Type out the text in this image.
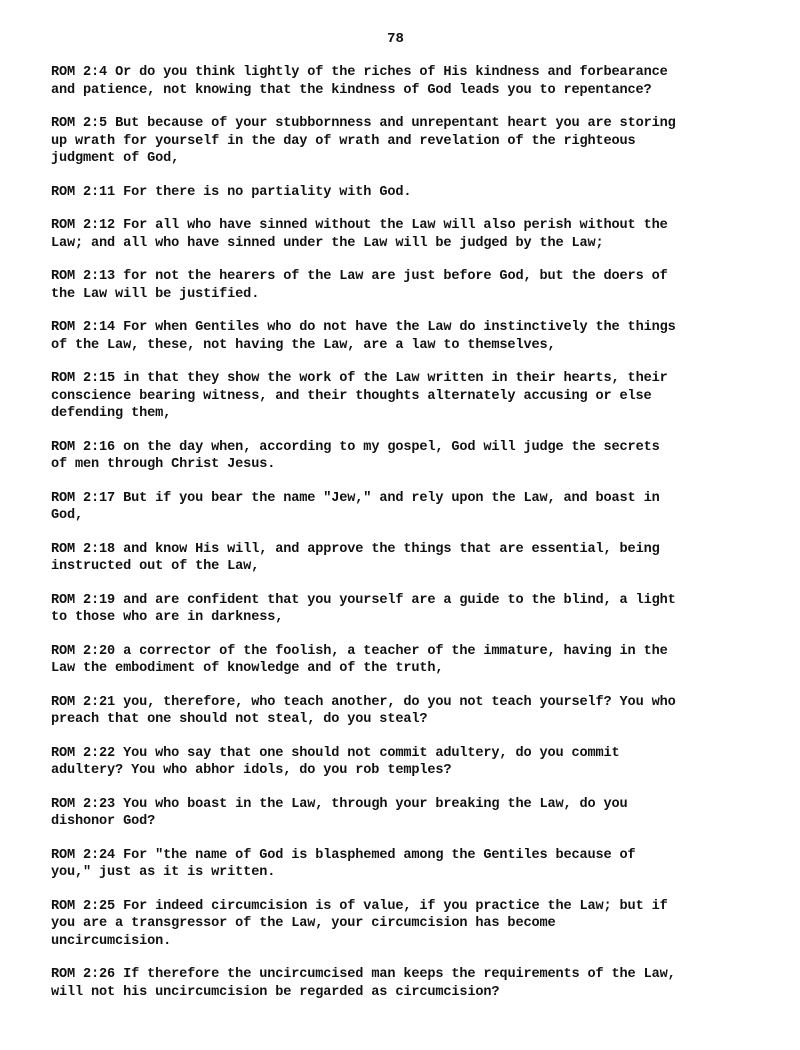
78

ROM 2:4 Or do you think lightly of the riches of His kindness and forbearance
and patience, not knowing that the kindness of God leads you to repentance?

ROM 2:5 But because of your stubbornness and unrepentant heart you are storing
up wrath for yourself in the day of wrath and revelation of the righteous
judgment of God,

ROM 2:11 For there is no partiality with God.

ROM 2:12 For all who have sinned without the Law will also perish without the
Law; and all who have sinned under the Law will be judged by the Law;

ROM 2:13 for not the hearers of the Law are just before God, but the doers of
the Law will be justified.

ROM 2:14 For when Gentiles who do not have the Law do instinctively the things
of the Law, these, not having the Law, are a law to themselves,

ROM 2:15 in that they show the work of the Law written in their hearts, their
conscience bearing witness, and their thoughts alternately accusing or else
defending them,

ROM 2:16 on the day when, according to my gospel, God will judge the secrets
of men through Christ Jesus.

ROM 2:17 But if you bear the name "Jew," and rely upon the Law, and boast in
God,

ROM 2:18 and know His will, and approve the things that are essential, being
instructed out of the Law,

ROM 2:19 and are confident that you yourself are a guide to the blind, a light
to those who are in darkness,

ROM 2:20 a corrector of the foolish, a teacher of the immature, having in the
Law the embodiment of knowledge and of the truth,

ROM 2:21 you, therefore, who teach another, do you not teach yourself? You who
preach that one should not steal, do you steal?

ROM 2:22 You who say that one should not commit adultery, do you commit
adultery? You who abhor idols, do you rob temples?

ROM 2:23 You who boast in the Law, through your breaking the Law, do you
dishonor God?

ROM 2:24 For "the name of God is blasphemed among the Gentiles because of
you," just as it is written.

ROM 2:25 For indeed circumcision is of value, if you practice the Law; but if
you are a transgressor of the Law, your circumcision has become
uncircumcision.

ROM 2:26 If therefore the uncircumcised man keeps the requirements of the Law,
will not his uncircumcision be regarded as circumcision?
